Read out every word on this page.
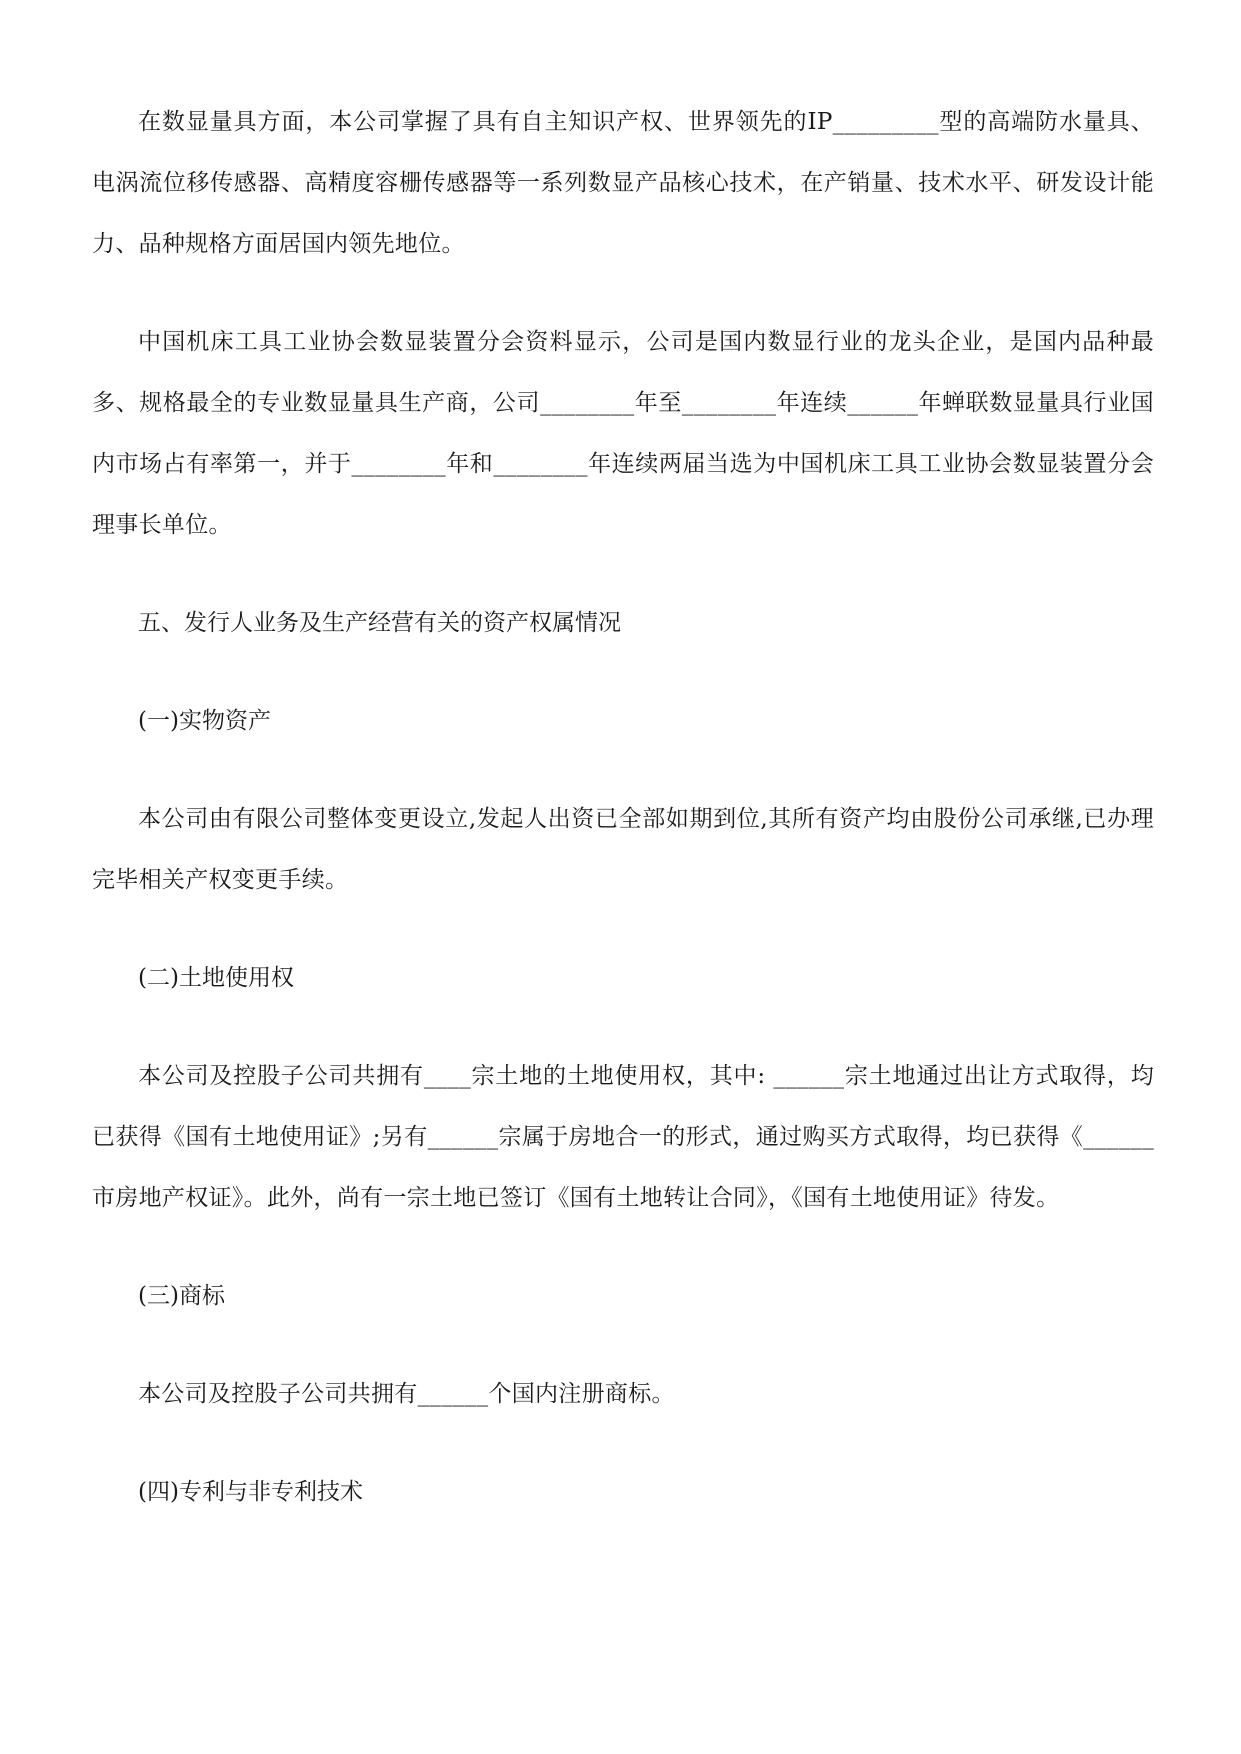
在数显量具方面，本公司掌握了具有自主知识产权、世界领先的IP_________型的高端防水量具、电涡流位移传感器、高精度容栅传感器等一系列数显产品核心技术，在产销量、技术水平、研发设计能力、品种规格方面居国内领先地位。

中国机床工具工业协会数显装置分会资料显示，公司是国内数显行业的龙头企业，是国内品种最多、规格最全的专业数显量具生产商，公司________年至________年连续______年蝉联数显量具行业国内市场占有率第一，并于________年和________年连续两届当选为中国机床工具工业协会数显装置分会理事长单位。

五、发行人业务及生产经营有关的资产权属情况

(一)实物资产

本公司由有限公司整体变更设立,发起人出资已全部如期到位,其所有资产均由股份公司承继,已办理完毕相关产权变更手续。

(二)土地使用权

本公司及控股子公司共拥有____宗土地的土地使用权，其中: ______宗土地通过出让方式取得，均已获得《国有土地使用证》;另有______宗属于房地合一的形式，通过购买方式取得，均已获得《______市房地产权证》。此外，尚有一宗土地已签订《国有土地转让合同》，《国有土地使用证》待发。

(三)商标

本公司及控股子公司共拥有______个国内注册商标。

(四)专利与非专利技术
